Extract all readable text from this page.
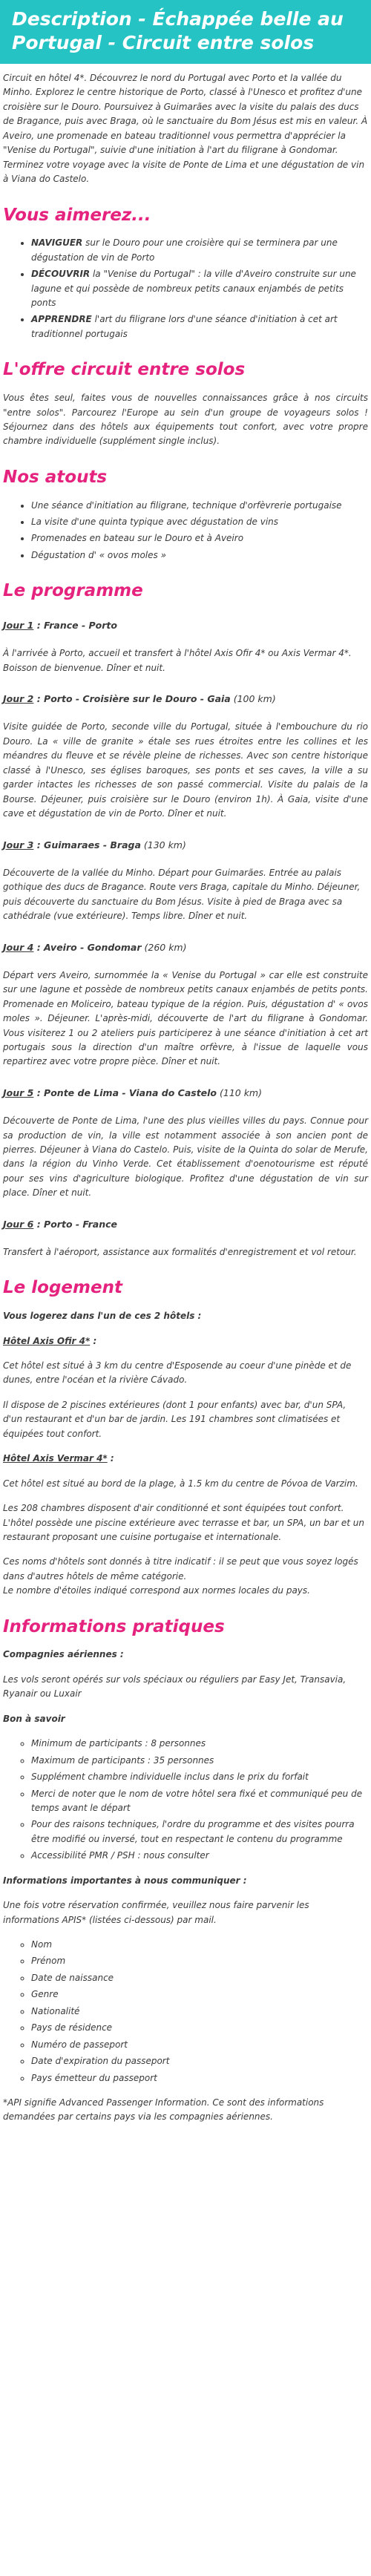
Description - Échappée belle au Portugal - Circuit entre solos

Circuit en hôtel 4*. Découvrez le nord du Portugal avec Porto et la vallée du Minho. Explorez le centre historique de Porto, classé à l'Unesco et profitez d'une croisière sur le Douro. Poursuivez à Guimarães avec la visite du palais des ducs de Bragance, puis avec Braga, où le sanctuaire du Bom Jésus est mis en valeur. À Aveiro, une promenade en bateau traditionnel vous permettra d'apprécier la "Venise du Portugal", suivie d'une initiation à l'art du filigrane à Gondomar. Terminez votre voyage avec la visite de Ponte de Lima et une dégustation de vin à Viana do Castelo.

Vous aimerez...
• NAVIGUER sur le Douro pour une croisière qui se terminera par une dégustation de vin de Porto
• DÉCOUVRIR la "Venise du Portugal" : la ville d'Aveiro construite sur une lagune et qui possède de nombreux petits canaux enjambés de petits ponts
• APPRENDRE l'art du filigrane lors d'une séance d'initiation à cet art traditionnel portugais
L'offre circuit entre solos

Vous êtes seul, faites vous de nouvelles connaissances grâce à nos circuits "entre solos". Parcourez l'Europe au sein d'un groupe de voyageurs solos ! Séjournez dans des hôtels aux équipements tout confort, avec votre propre chambre individuelle (supplément single inclus).

Nos atouts
• Une séance d'initiation au filigrane, technique d'orfèvrerie portugaise
• La visite d'une quinta typique avec dégustation de vins
• Promenades en bateau sur le Douro et à Aveiro
• Dégustation d' « ovos moles »
Le programme
Jour 1 : France - Porto

À l'arrivée à Porto, accueil et transfert à l'hôtel Axis Ofir 4* ou Axis Vermar 4*. Boisson de bienvenue. Dîner et nuit.

Jour 2 : Porto - Croisière sur le Douro - Gaia (100 km)

Visite guidée de Porto, seconde ville du Portugal, située à l'embouchure du rio Douro. La « ville de granite » étale ses rues étroites entre les collines et les méandres du fleuve et se révèle pleine de richesses. Avec son centre historique classé à l'Unesco, ses églises baroques, ses ponts et ses caves, la ville a su garder intactes les richesses de son passé commercial. Visite du palais de la Bourse. Déjeuner, puis croisière sur le Douro (environ 1h). À Gaia, visite d'une cave et dégustation de vin de Porto. Dîner et nuit.

Jour 3 : Guimaraes - Braga (130 km)

Découverte de la vallée du Minho. Départ pour Guimarães. Entrée au palais gothique des ducs de Bragance. Route vers Braga, capitale du Minho. Déjeuner, puis découverte du sanctuaire du Bom Jésus. Visite à pied de Braga avec sa cathédrale (vue extérieure). Temps libre. Dîner et nuit.

Jour 4 : Aveiro - Gondomar (260 km)

Départ vers Aveiro, surnommée la « Venise du Portugal » car elle est construite sur une lagune et possède de nombreux petits canaux enjambés de petits ponts. Promenade en Moliceiro, bateau typique de la région. Puis, dégustation d' « ovos moles ». Déjeuner. L'après-midi, découverte de l'art du filigrane à Gondomar. Vous visiterez 1 ou 2 ateliers puis participerez à une séance d'initiation à cet art portugais sous la direction d'un maître orfèvre, à l'issue de laquelle vous repartirez avec votre propre pièce. Dîner et nuit.

Jour 5 : Ponte de Lima - Viana do Castelo (110 km)

Découverte de Ponte de Lima, l'une des plus vieilles villes du pays. Connue pour sa production de vin, la ville est notamment associée à son ancien pont de pierres. Déjeuner à Viana do Castelo. Puis, visite de la Quinta do solar de Merufe, dans la région du Vinho Verde. Cet établissement d'oenotourisme est réputé pour ses vins d'agriculture biologique. Profitez d'une dégustation de vin sur place. Dîner et nuit.

Jour 6 : Porto - France

Transfert à l'aéroport, assistance aux formalités d'enregistrement et vol retour.

Le logement
Vous logerez dans l'un de ces 2 hôtels :
Hôtel Axis Ofir 4* :

Cet hôtel est situé à 3 km du centre d'Esposende au coeur d'une pinède et de dunes, entre l'océan et la rivière Cávado.

Il dispose de 2 piscines extérieures (dont 1 pour enfants) avec bar, d'un SPA, d'un restaurant et d'un bar de jardin. Les 191 chambres sont climatisées et équipées tout confort.

Hôtel Axis Vermar 4* :

Cet hôtel est situé au bord de la plage, à 1.5 km du centre de Póvoa de Varzim.

Les 208 chambres disposent d'air conditionné et sont équipées tout confort. L'hôtel possède une piscine extérieure avec terrasse et bar, un SPA, un bar et un restaurant proposant une cuisine portugaise et internationale.

Ces noms d'hôtels sont donnés à titre indicatif : il se peut que vous soyez logés dans d'autres hôtels de même catégorie.
Le nombre d'étoiles indiqué correspond aux normes locales du pays.

Informations pratiques
Compagnies aériennes :

Les vols seront opérés sur vols spéciaux ou réguliers par Easy Jet, Transavia, Ryanair ou Luxair

Bon à savoir
◦ Minimum de participants : 8 personnes
◦ Maximum de participants : 35 personnes
◦ Supplément chambre individuelle inclus dans le prix du forfait
◦ Merci de noter que le nom de votre hôtel sera fixé et communiqué peu de temps avant le départ
◦ Pour des raisons techniques, l'ordre du programme et des visites pourra être modifié ou inversé, tout en respectant le contenu du programme
◦ Accessibilité PMR / PSH : nous consulter
Informations importantes à nous communiquer :

Une fois votre réservation confirmée, veuillez nous faire parvenir les informations APIS* (listées ci-dessous) par mail.

◦ Nom
◦ Prénom
◦ Date de naissance
◦ Genre
◦ Nationalité
◦ Pays de résidence
◦ Numéro de passeport
◦ Date d'expiration du passeport
◦ Pays émetteur du passeport

*API signifie Advanced Passenger Information. Ce sont des informations demandées par certains pays via les compagnies aériennes.
